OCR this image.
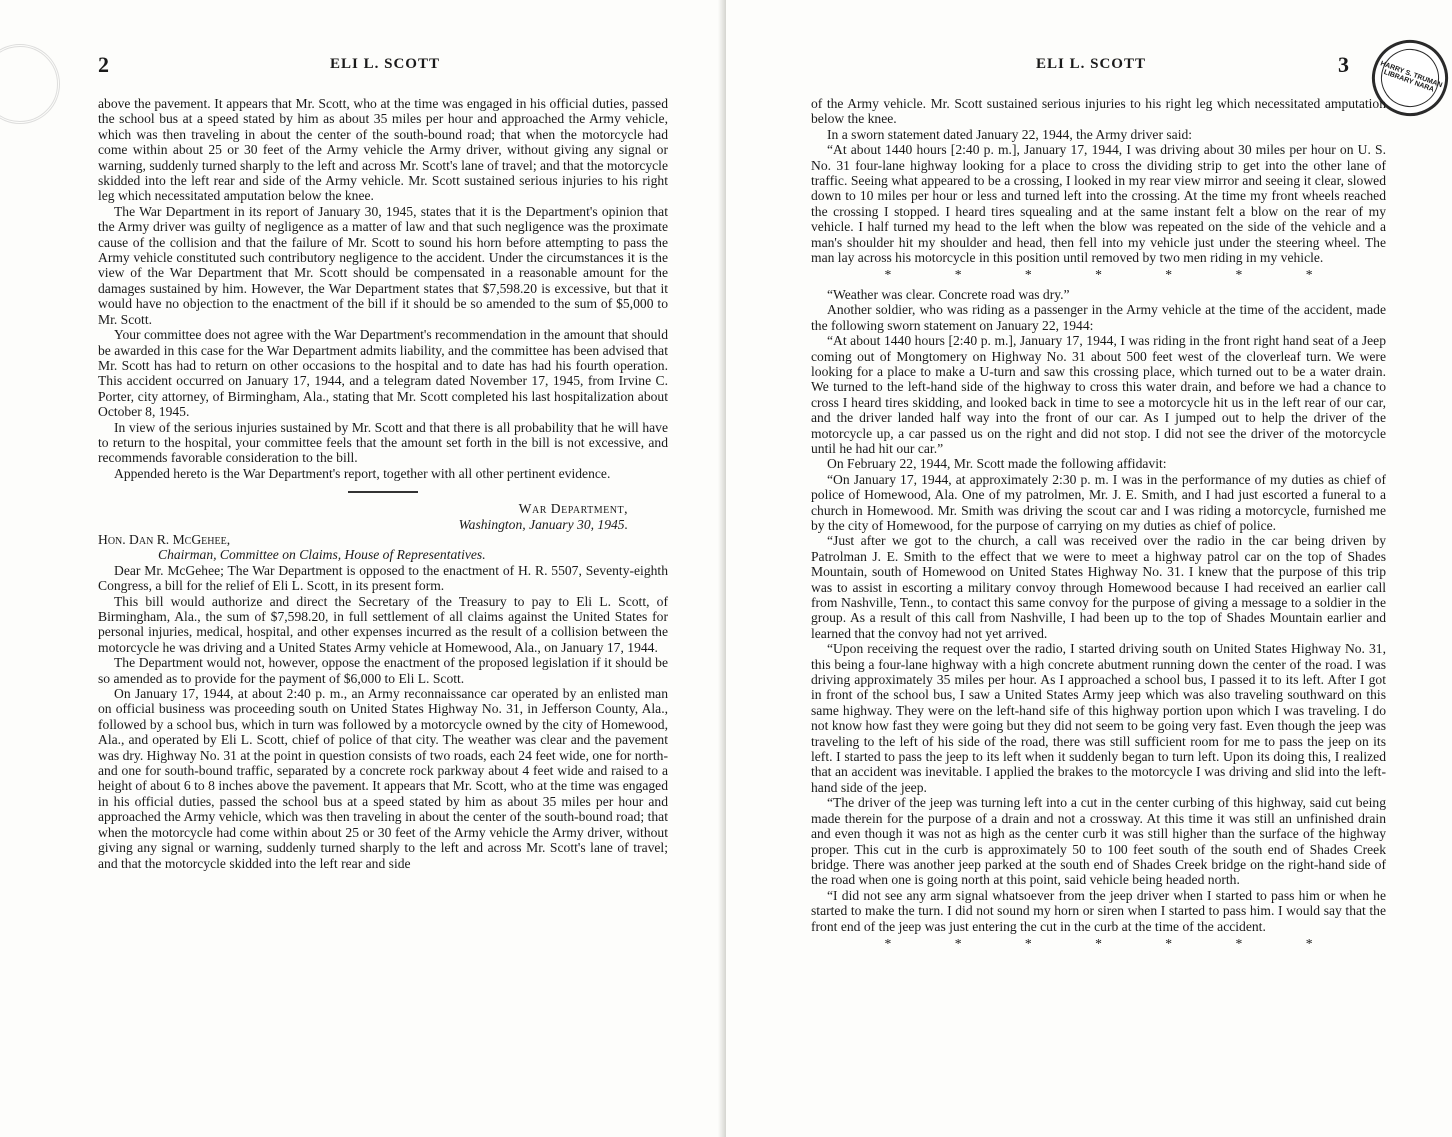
2	ELI L. SCOTT

above the pavement. It appears that Mr. Scott, who at the time was engaged in his official duties, passed the school bus at a speed stated by him as about 35 miles per hour and approached the Army vehicle, which was then traveling in about the center of the south-bound road; that when the motorcycle had come within about 25 or 30 feet of the Army vehicle the Army driver, without giving any signal or warning, suddenly turned sharply to the left and across Mr. Scott's lane of travel; and that the motorcycle skidded into the left rear and side of the Army vehicle. Mr. Scott sustained serious injuries to his right leg which necessitated amputation below the knee.

The War Department in its report of January 30, 1945, states that it is the Department's opinion that the Army driver was guilty of negligence as a matter of law and that such negligence was the proximate cause of the collision and that the failure of Mr. Scott to sound his horn before attempting to pass the Army vehicle constituted such contributory negligence to the accident. Under the circumstances it is the view of the War Department that Mr. Scott should be compensated in a reasonable amount for the damages sustained by him. However, the War Department states that $7,598.20 is excessive, but that it would have no objection to the enactment of the bill if it should be so amended to the sum of $5,000 to Mr. Scott.

Your committee does not agree with the War Department's recommendation in the amount that should be awarded in this case for the War Department admits liability, and the committee has been advised that Mr. Scott has had to return on other occasions to the hospital and to date has had his fourth operation. This accident occurred on January 17, 1944, and a telegram dated November 17, 1945, from Irvine C. Porter, city attorney, of Birmingham, Ala., stating that Mr. Scott completed his last hospitalization about October 8, 1945.

In view of the serious injuries sustained by Mr. Scott and that there is all probability that he will have to return to the hospital, your committee feels that the amount set forth in the bill is not excessive, and recommends favorable consideration to the bill.

Appended hereto is the War Department's report, together with all other pertinent evidence.

War Department,
Washington, January 30, 1945.
Hon. Dan R. McGehee,
Chairman, Committee on Claims, House of Representatives.

Dear Mr. McGehee; The War Department is opposed to the enactment of H. R. 5507, Seventy-eighth Congress, a bill for the relief of Eli L. Scott, in its present form.

This bill would authorize and direct the Secretary of the Treasury to pay to Eli L. Scott, of Birmingham, Ala., the sum of $7,598.20, in full settlement of all claims against the United States for personal injuries, medical, hospital, and other expenses incurred as the result of a collision between the motorcycle he was driving and a United States Army vehicle at Homewood, Ala., on January 17, 1944.

The Department would not, however, oppose the enactment of the proposed legislation if it should be so amended as to provide for the payment of $6,000 to Eli L. Scott.

On January 17, 1944, at about 2:40 p. m., an Army reconnaissance car operated by an enlisted man on official business was proceeding south on United States Highway No. 31, in Jefferson County, Ala., followed by a school bus, which in turn was followed by a motorcycle owned by the city of Homewood, Ala., and operated by Eli L. Scott, chief of police of that city. The weather was clear and the pavement was dry. Highway No. 31 at the point in question consists of two roads, each 24 feet wide, one for north- and one for south-bound traffic, separated by a concrete rock parkway about 4 feet wide and raised to a height of about 6 to 8 inches above the pavement. It appears that Mr. Scott, who at the time was engaged in his official duties, passed the school bus at a speed stated by him as about 35 miles per hour and approached the Army vehicle, which was then traveling in about the center of the south-bound road; that when the motorcycle had come within about 25 or 30 feet of the Army vehicle the Army driver, without giving any signal or warning, suddenly turned sharply to the left and across Mr. Scott's lane of travel; and that the motorcycle skidded into the left rear and side

ELI L. SCOTT	3	HARRY S. TRUMAN LIBRARY NARA

of the Army vehicle. Mr. Scott sustained serious injuries to his right leg which necessitated amputation below the knee.

In a sworn statement dated January 22, 1944, the Army driver said:

“At about 1440 hours [2:40 p. m.], January 17, 1944, I was driving about 30 miles per hour on U. S. No. 31 four-lane highway looking for a place to cross the dividing strip to get into the other lane of traffic. Seeing what appeared to be a crossing, I looked in my rear view mirror and seeing it clear, slowed down to 10 miles per hour or less and turned left into the crossing. At the time my front wheels reached the crossing I stopped. I heard tires squealing and at the same instant felt a blow on the rear of my vehicle. I half turned my head to the left when the blow was repeated on the side of the vehicle and a man's shoulder hit my shoulder and head, then fell into my vehicle just under the steering wheel. The man lay across his motorcycle in this position until removed by two men riding in my vehicle.

* * * * * * *

“Weather was clear. Concrete road was dry.”

Another soldier, who was riding as a passenger in the Army vehicle at the time of the accident, made the following sworn statement on January 22, 1944:

“At about 1440 hours [2:40 p. m.], January 17, 1944, I was riding in the front right hand seat of a Jeep coming out of Mongtomery on Highway No. 31 about 500 feet west of the cloverleaf turn. We were looking for a place to make a U-turn and saw this crossing place, which turned out to be a water drain. We turned to the left-hand side of the highway to cross this water drain, and before we had a chance to cross I heard tires skidding, and looked back in time to see a motorcycle hit us in the left rear of our car, and the driver landed half way into the front of our car. As I jumped out to help the driver of the motorcycle up, a car passed us on the right and did not stop. I did not see the driver of the motorcycle until he had hit our car.”

On February 22, 1944, Mr. Scott made the following affidavit:

“On January 17, 1944, at approximately 2:30 p. m. I was in the performance of my duties as chief of police of Homewood, Ala. One of my patrolmen, Mr. J. E. Smith, and I had just escorted a funeral to a church in Homewood. Mr. Smith was driving the scout car and I was riding a motorcycle, furnished me by the city of Homewood, for the purpose of carrying on my duties as chief of police.

“Just after we got to the church, a call was received over the radio in the car being driven by Patrolman J. E. Smith to the effect that we were to meet a highway patrol car on the top of Shades Mountain, south of Homewood on United States Highway No. 31. I knew that the purpose of this trip was to assist in escorting a military convoy through Homewood because I had received an earlier call from Nashville, Tenn., to contact this same convoy for the purpose of giving a message to a soldier in the group. As a result of this call from Nashville, I had been up to the top of Shades Mountain earlier and learned that the convoy had not yet arrived.

“Upon receiving the request over the radio, I started driving south on United States Highway No. 31, this being a four-lane highway with a high concrete abutment running down the center of the road. I was driving approximately 35 miles per hour. As I approached a school bus, I passed it to its left. After I got in front of the school bus, I saw a United States Army jeep which was also traveling southward on this same highway. They were on the left-hand sife of this highway portion upon which I was traveling. I do not know how fast they were going but they did not seem to be going very fast. Even though the jeep was traveling to the left of his side of the road, there was still sufficient room for me to pass the jeep on its left. I started to pass the jeep to its left when it suddenly began to turn left. Upon its doing this, I realized that an accident was inevitable. I applied the brakes to the motorcycle I was driving and slid into the left-hand side of the jeep.

“The driver of the jeep was turning left into a cut in the center curbing of this highway, said cut being made therein for the purpose of a drain and not a crossway. At this time it was still an unfinished drain and even though it was not as high as the center curb it was still higher than the surface of the highway proper. This cut in the curb is approximately 50 to 100 feet south of the south end of Shades Creek bridge. There was another jeep parked at the south end of Shades Creek bridge on the right-hand side of the road when one is going north at this point, said vehicle being headed north.

“I did not see any arm signal whatsoever from the jeep driver when I started to pass him or when he started to make the turn. I did not sound my horn or siren when I started to pass him. I would say that the front end of the jeep was just entering the cut in the curb at the time of the accident.

* * * * * * *
